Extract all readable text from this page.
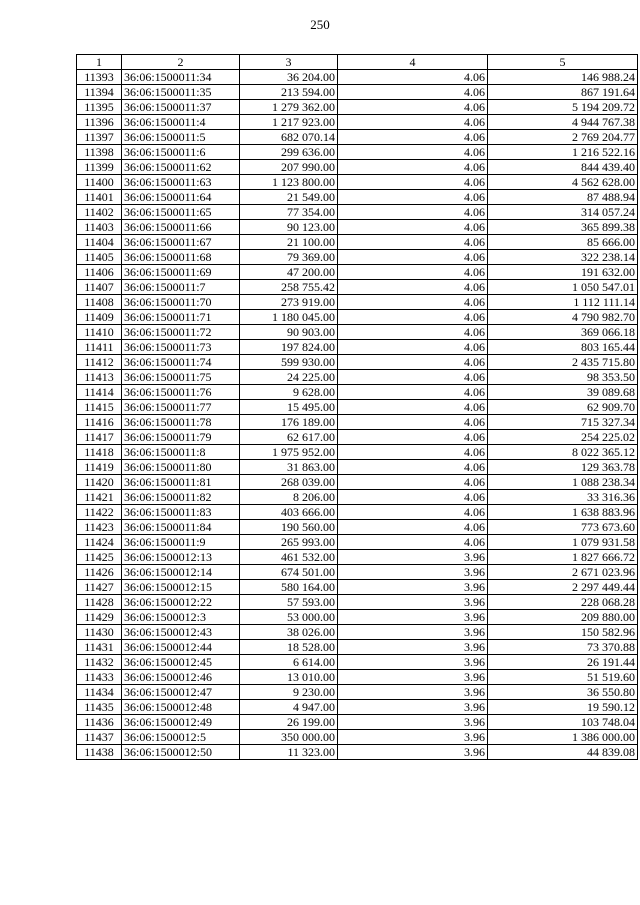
250
1	2	3	4	5
11393	36:06:1500011:34	36 204.00	4.06	146 988.24
11394	36:06:1500011:35	213 594.00	4.06	867 191.64
11395	36:06:1500011:37	1 279 362.00	4.06	5 194 209.72
11396	36:06:1500011:4	1 217 923.00	4.06	4 944 767.38
11397	36:06:1500011:5	682 070.14	4.06	2 769 204.77
11398	36:06:1500011:6	299 636.00	4.06	1 216 522.16
11399	36:06:1500011:62	207 990.00	4.06	844 439.40
11400	36:06:1500011:63	1 123 800.00	4.06	4 562 628.00
11401	36:06:1500011:64	21 549.00	4.06	87 488.94
11402	36:06:1500011:65	77 354.00	4.06	314 057.24
11403	36:06:1500011:66	90 123.00	4.06	365 899.38
11404	36:06:1500011:67	21 100.00	4.06	85 666.00
11405	36:06:1500011:68	79 369.00	4.06	322 238.14
11406	36:06:1500011:69	47 200.00	4.06	191 632.00
11407	36:06:1500011:7	258 755.42	4.06	1 050 547.01
11408	36:06:1500011:70	273 919.00	4.06	1 112 111.14
11409	36:06:1500011:71	1 180 045.00	4.06	4 790 982.70
11410	36:06:1500011:72	90 903.00	4.06	369 066.18
11411	36:06:1500011:73	197 824.00	4.06	803 165.44
11412	36:06:1500011:74	599 930.00	4.06	2 435 715.80
11413	36:06:1500011:75	24 225.00	4.06	98 353.50
11414	36:06:1500011:76	9 628.00	4.06	39 089.68
11415	36:06:1500011:77	15 495.00	4.06	62 909.70
11416	36:06:1500011:78	176 189.00	4.06	715 327.34
11417	36:06:1500011:79	62 617.00	4.06	254 225.02
11418	36:06:1500011:8	1 975 952.00	4.06	8 022 365.12
11419	36:06:1500011:80	31 863.00	4.06	129 363.78
11420	36:06:1500011:81	268 039.00	4.06	1 088 238.34
11421	36:06:1500011:82	8 206.00	4.06	33 316.36
11422	36:06:1500011:83	403 666.00	4.06	1 638 883.96
11423	36:06:1500011:84	190 560.00	4.06	773 673.60
11424	36:06:1500011:9	265 993.00	4.06	1 079 931.58
11425	36:06:1500012:13	461 532.00	3.96	1 827 666.72
11426	36:06:1500012:14	674 501.00	3.96	2 671 023.96
11427	36:06:1500012:15	580 164.00	3.96	2 297 449.44
11428	36:06:1500012:22	57 593.00	3.96	228 068.28
11429	36:06:1500012:3	53 000.00	3.96	209 880.00
11430	36:06:1500012:43	38 026.00	3.96	150 582.96
11431	36:06:1500012:44	18 528.00	3.96	73 370.88
11432	36:06:1500012:45	6 614.00	3.96	26 191.44
11433	36:06:1500012:46	13 010.00	3.96	51 519.60
11434	36:06:1500012:47	9 230.00	3.96	36 550.80
11435	36:06:1500012:48	4 947.00	3.96	19 590.12
11436	36:06:1500012:49	26 199.00	3.96	103 748.04
11437	36:06:1500012:5	350 000.00	3.96	1 386 000.00
11438	36:06:1500012:50	11 323.00	3.96	44 839.08
